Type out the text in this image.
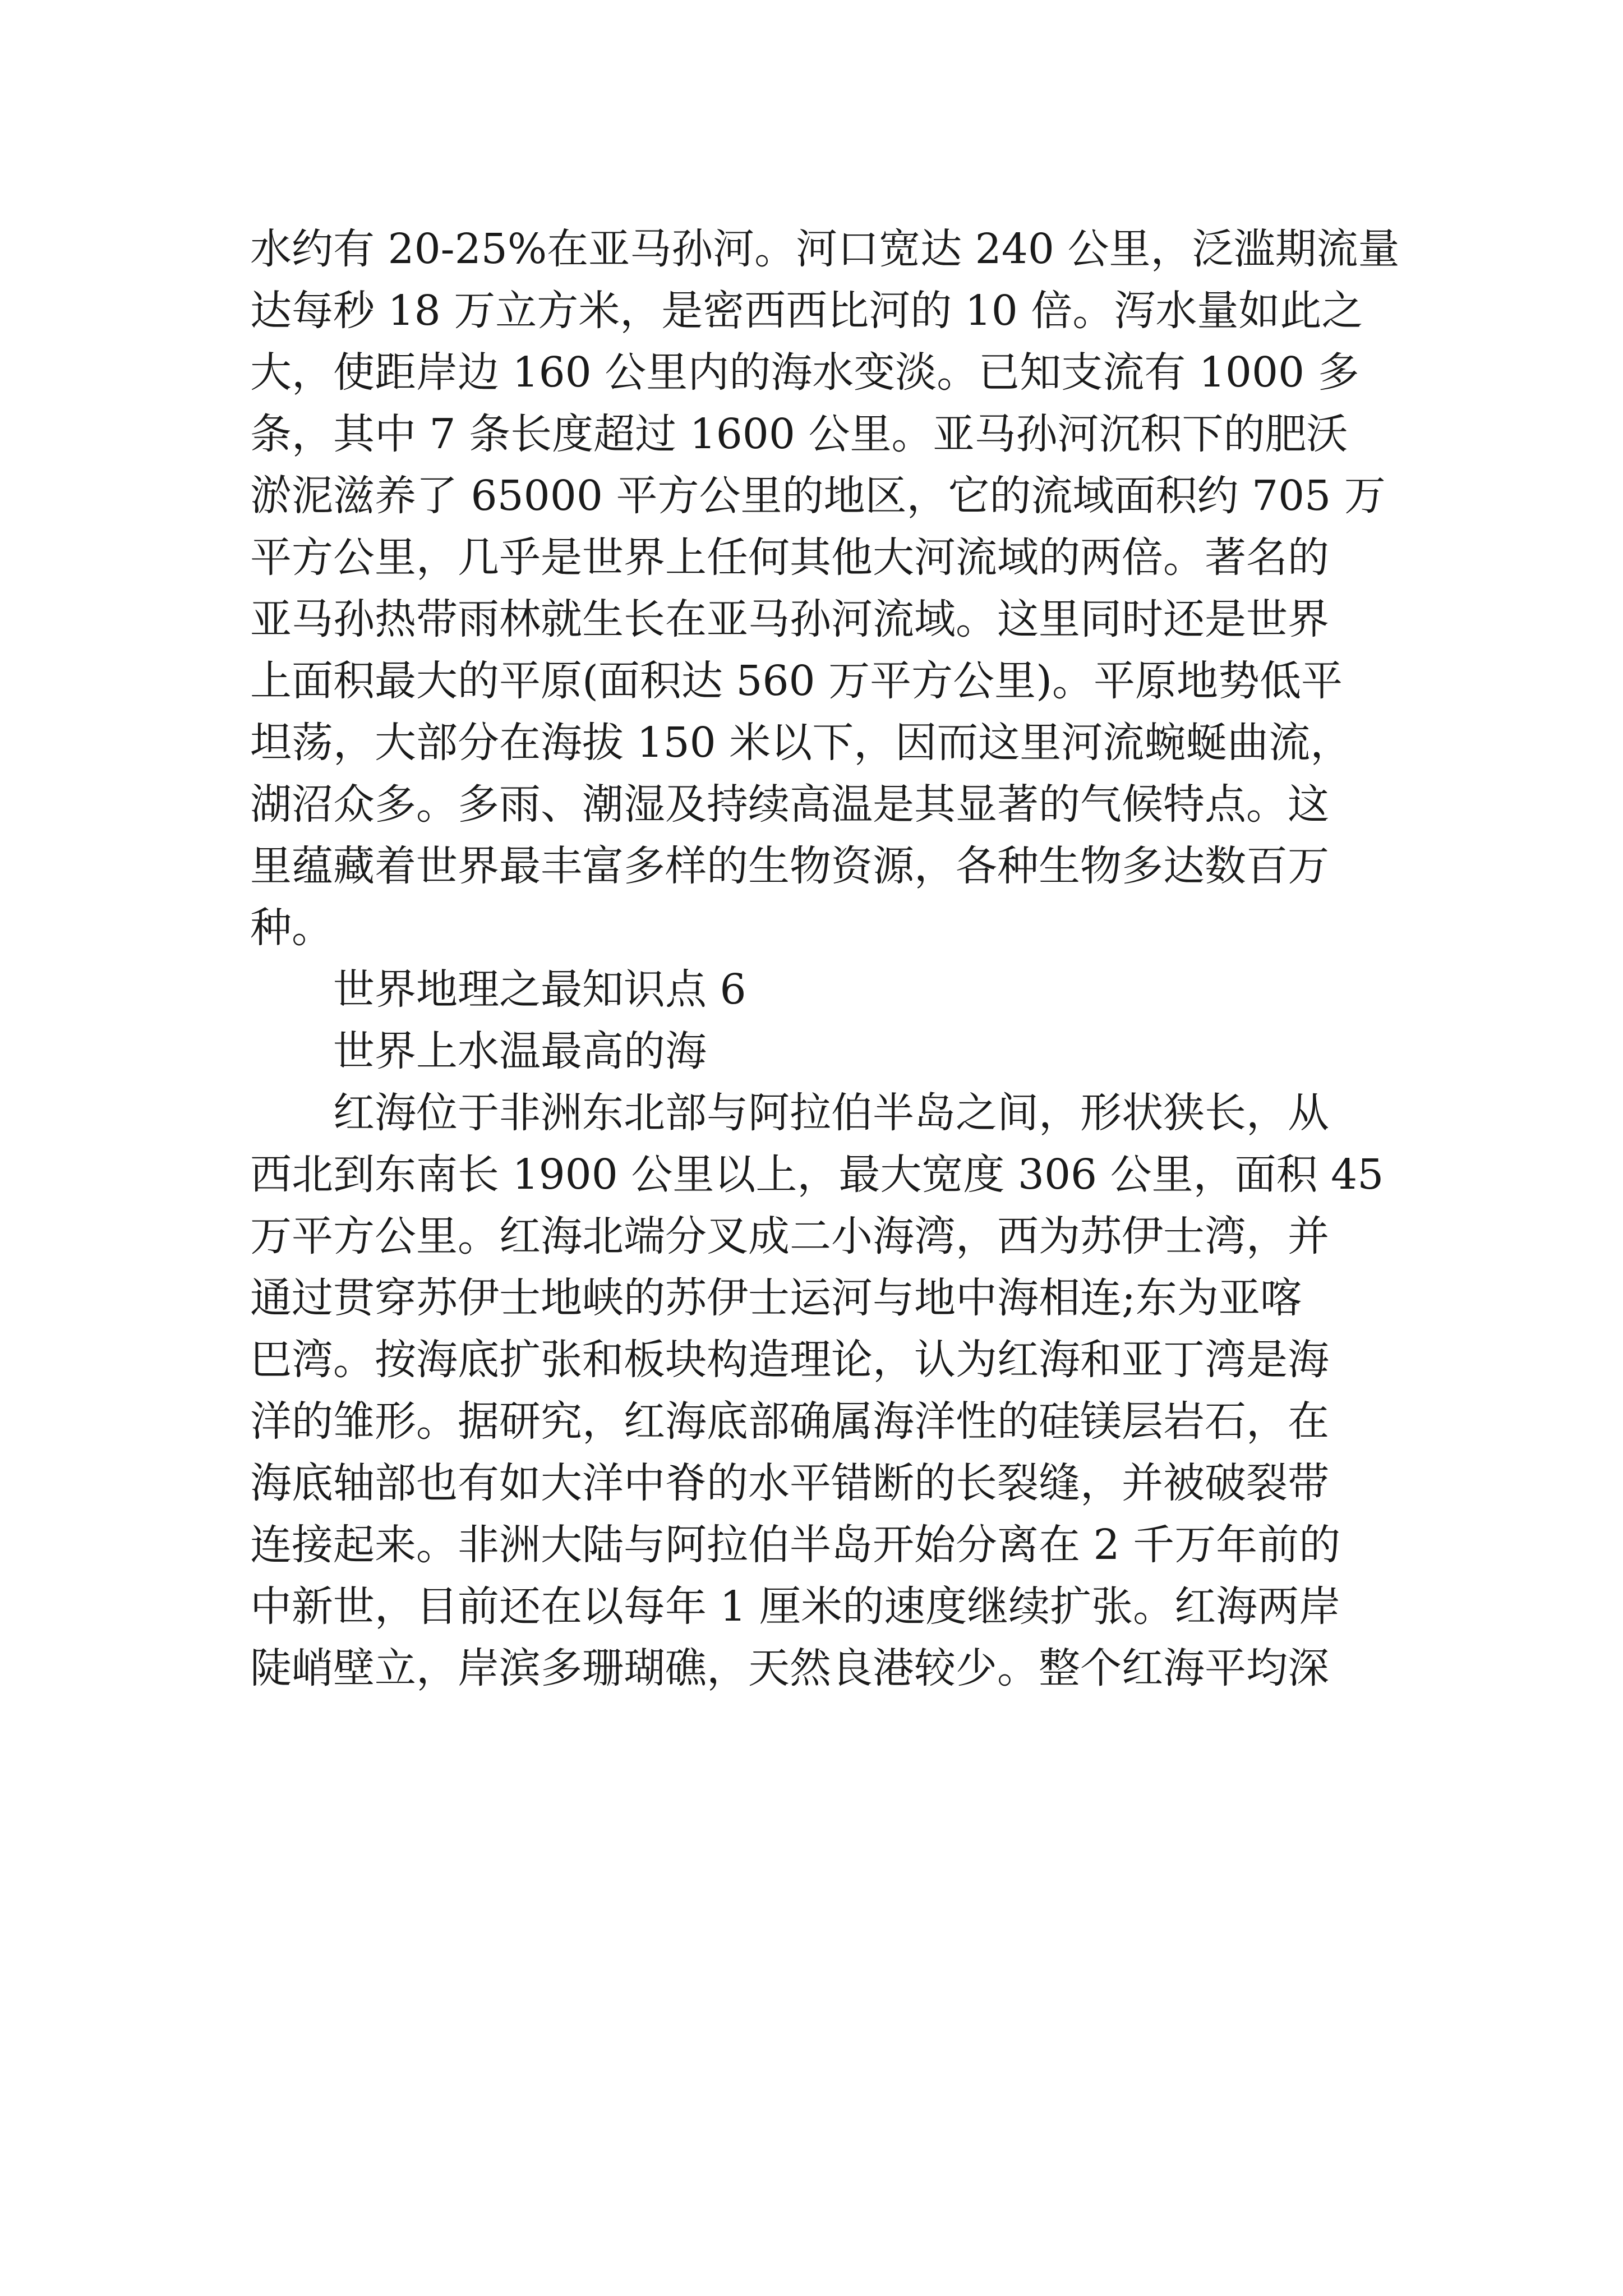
水约有 20-25%在亚马孙河。河口宽达 240 公里，泛滥期流量
达每秒 18 万立方米，是密西西比河的 10 倍。泻水量如此之
大，使距岸边 160 公里内的海水变淡。已知支流有 1000 多
条，其中 7 条长度超过 1600 公里。亚马孙河沉积下的肥沃
淤泥滋养了 65000 平方公里的地区，它的流域面积约 705 万
平方公里，几乎是世界上任何其他大河流域的两倍。著名的
亚马孙热带雨林就生长在亚马孙河流域。这里同时还是世界
上面积最大的平原(面积达 560 万平方公里)。平原地势低平
坦荡，大部分在海拔 150 米以下，因而这里河流蜿蜒曲流，
湖沼众多。多雨、潮湿及持续高温是其显著的气候特点。这
里蕴藏着世界最丰富多样的生物资源，各种生物多达数百万
种。
世界地理之最知识点 6
世界上水温最高的海
红海位于非洲东北部与阿拉伯半岛之间，形状狭长，从
西北到东南长 1900 公里以上，最大宽度 306 公里，面积 45
万平方公里。红海北端分叉成二小海湾，西为苏伊士湾，并
通过贯穿苏伊士地峡的苏伊士运河与地中海相连;东为亚喀
巴湾。按海底扩张和板块构造理论，认为红海和亚丁湾是海
洋的雏形。据研究，红海底部确属海洋性的硅镁层岩石，在
海底轴部也有如大洋中脊的水平错断的长裂缝，并被破裂带
连接起来。非洲大陆与阿拉伯半岛开始分离在 2 千万年前的
中新世，目前还在以每年 1 厘米的速度继续扩张。红海两岸
陡峭壁立，岸滨多珊瑚礁，天然良港较少。整个红海平均深
